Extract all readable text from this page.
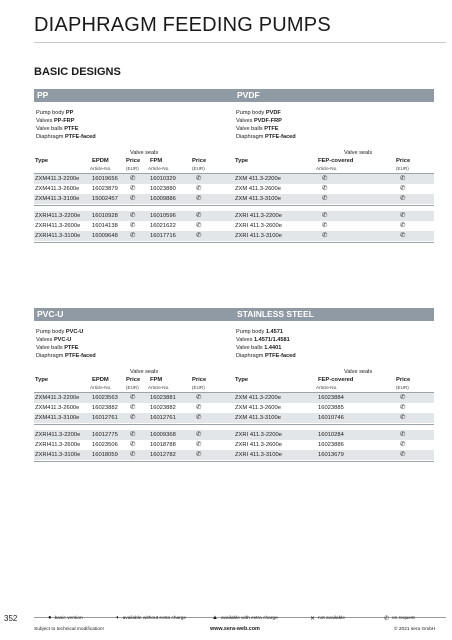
DIAPHRAGM FEEDING PUMPS
BASIC DESIGNS
PP
Pump body PP
Valves PP-FRP
Valve balls PTFE
Diaphragm PTFE-faced
Valve seals
Type	EPDM	Price FPM	Price
Article-No.	(EUR) Article-No.	(EUR)
ZXM411.3-2200e 16019656 ✆	16010329	✆
ZXM411.3-2600e 16023879 ✆	16023880	✆
ZXM411.3-3100e 15002457 ✆	16009886	✆
ZXRI411.3-2200e 16010928 ✆	16010596	✆
ZXRI411.3-2600e 16014138 ✆	16021622	✆
ZXRI411.3-3100e 16009648 ✆	16017716	✆
PVDF
Pump body PVDF
Valves PVDF-FRP
Valve balls PTFE
Diaphragm PTFE-faced
Valve seals
Type	FEP-covered	Price
Article-No.	(EUR)
ZXM 411.3-2200e	✆	✆
ZXM 411.3-2600e	✆	✆
ZXM 411.3-3100e	✆	✆
ZXRI 411.3-2200e	✆	✆
ZXRI 411.3-2600e	✆	✆
ZXRI 411.3-3100e	✆	✆
PVC-U
Pump body PVC-U
Valves PVC-U
Valve balls PTFE
Diaphragm PTFE-faced
Valve seals
Type	EPDM	Price FPM	Price
Article-No.	(EUR) Article-No.	(EUR)
ZXM411.3-2200e 16023563 ✆	16023881	✆
ZXM411.3-2600e 16023882 ✆	16023882	✆
ZXM411.3-3100e 16012761 ✆	16012761	✆
ZXRI411.3-2200e 16012775 ✆	16009368	✆
ZXRI411.3-2600e 16023506 ✆	16018788	✆
ZXRI411.3-3100e 16018059 ✆	16012782	✆
STAINLESS STEEL
Pump body 1.4571
Valves 1.4571/1.4581
Valve balls 1.4401
Diaphragm PTFE-faced
Valve seals
Type	FEP-covered	Price
Article-No.	(EUR)
ZXM 411.3-2200e	16023884	✆
ZXM 411.3-2600e	16023885	✆
ZXM 411.3-3100e	16010746	✆
ZXRI 411.3-2200e	16010284	✆
ZXRI 411.3-2600e	16023886	✆
ZXRI 411.3-3100e	16013679	✆
352	● basic version	◐ available without extra charge	▲ available with extra charge	✕ not available	✆ on request
Subject to technical modification!	www.sera-web.com	© 2021 sera GmbH
